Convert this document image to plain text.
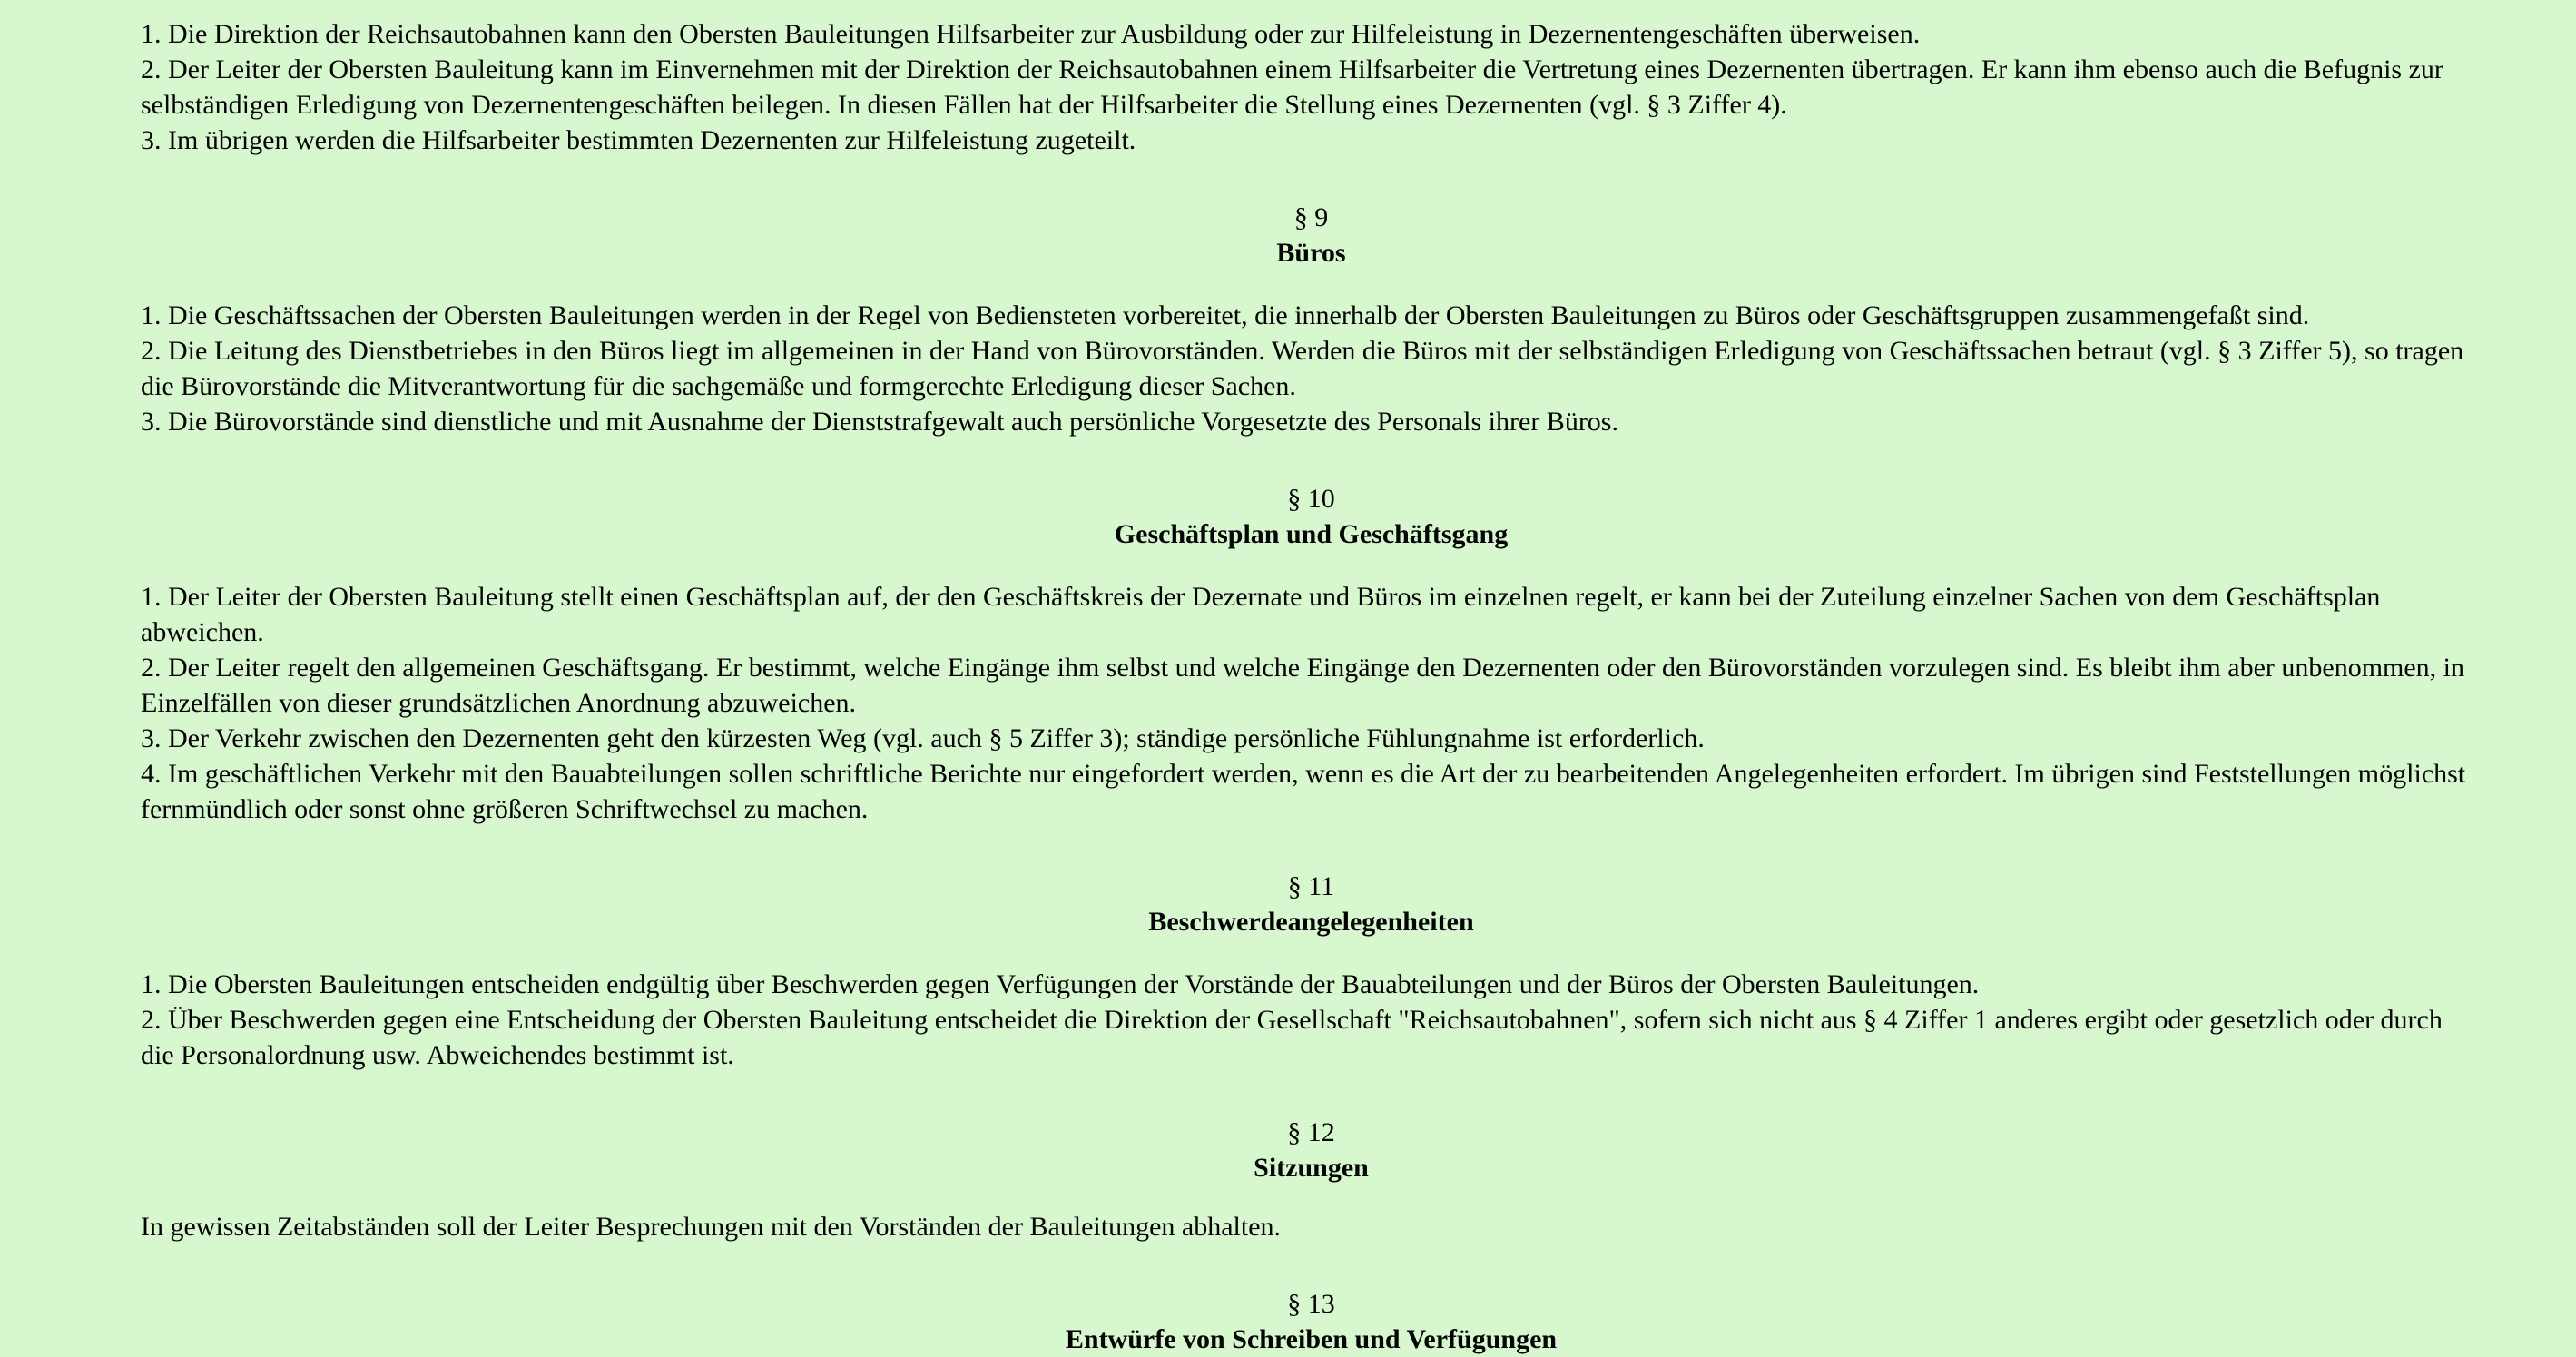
1. Die Direktion der Reichsautobahnen kann den Obersten Bauleitungen Hilfsarbeiter zur Ausbildung oder zur Hilfeleistung in Dezernentengeschäften überweisen.

2. Der Leiter der Obersten Bauleitung kann im Einvernehmen mit der Direktion der Reichsautobahnen einem Hilfsarbeiter die Vertretung eines Dezernenten übertragen. Er kann ihm ebenso auch die Befugnis zur selbständigen Erledigung von Dezernentengeschäften beilegen. In diesen Fällen hat der Hilfsarbeiter die Stellung eines Dezernenten (vgl. § 3 Ziffer 4).

3. Im übrigen werden die Hilfsarbeiter bestimmten Dezernenten zur Hilfeleistung zugeteilt.

§ 9
Büros

1. Die Geschäftssachen der Obersten Bauleitungen werden in der Regel von Bediensteten vorbereitet, die innerhalb der Obersten Bauleitungen zu Büros oder Geschäftsgruppen zusammengefaßt sind.

2. Die Leitung des Dienstbetriebes in den Büros liegt im allgemeinen in der Hand von Bürovorständen. Werden die Büros mit der selbständigen Erledigung von Geschäftssachen betraut (vgl. § 3 Ziffer 5), so tragen die Bürovorstände die Mitverantwortung für die sachgemäße und formgerechte Erledigung dieser Sachen.

3. Die Bürovorstände sind dienstliche und mit Ausnahme der Dienststrafgewalt auch persönliche Vorgesetzte des Personals ihrer Büros.

§ 10
Geschäftsplan und Geschäftsgang

1. Der Leiter der Obersten Bauleitung stellt einen Geschäftsplan auf, der den Geschäftskreis der Dezernate und Büros im einzelnen regelt, er kann bei der Zuteilung einzelner Sachen von dem Geschäftsplan abweichen.

2. Der Leiter regelt den allgemeinen Geschäftsgang. Er bestimmt, welche Eingänge ihm selbst und welche Eingänge den Dezernenten oder den Bürovorständen vorzulegen sind. Es bleibt ihm aber unbenommen, in Einzelfällen von dieser grundsätzlichen Anordnung abzuweichen.

3. Der Verkehr zwischen den Dezernenten geht den kürzesten Weg (vgl. auch § 5 Ziffer 3); ständige persönliche Fühlungnahme ist erforderlich.

4. Im geschäftlichen Verkehr mit den Bauabteilungen sollen schriftliche Berichte nur eingefordert werden, wenn es die Art der zu bearbeitenden Angelegenheiten erfordert. Im übrigen sind Feststellungen möglichst fernmündlich oder sonst ohne größeren Schriftwechsel zu machen.

§ 11
Beschwerdeangelegenheiten

1. Die Obersten Bauleitungen entscheiden endgültig über Beschwerden gegen Verfügungen der Vorstände der Bauabteilungen und der Büros der Obersten Bauleitungen.

2. Über Beschwerden gegen eine Entscheidung der Obersten Bauleitung entscheidet die Direktion der Gesellschaft "Reichsautobahnen", sofern sich nicht aus § 4 Ziffer 1 anderes ergibt oder gesetzlich oder durch die Personalordnung usw. Abweichendes bestimmt ist.

§ 12
Sitzungen

In gewissen Zeitabständen soll der Leiter Besprechungen mit den Vorständen der Bauleitungen abhalten.

§ 13
Entwürfe von Schreiben und Verfügungen
